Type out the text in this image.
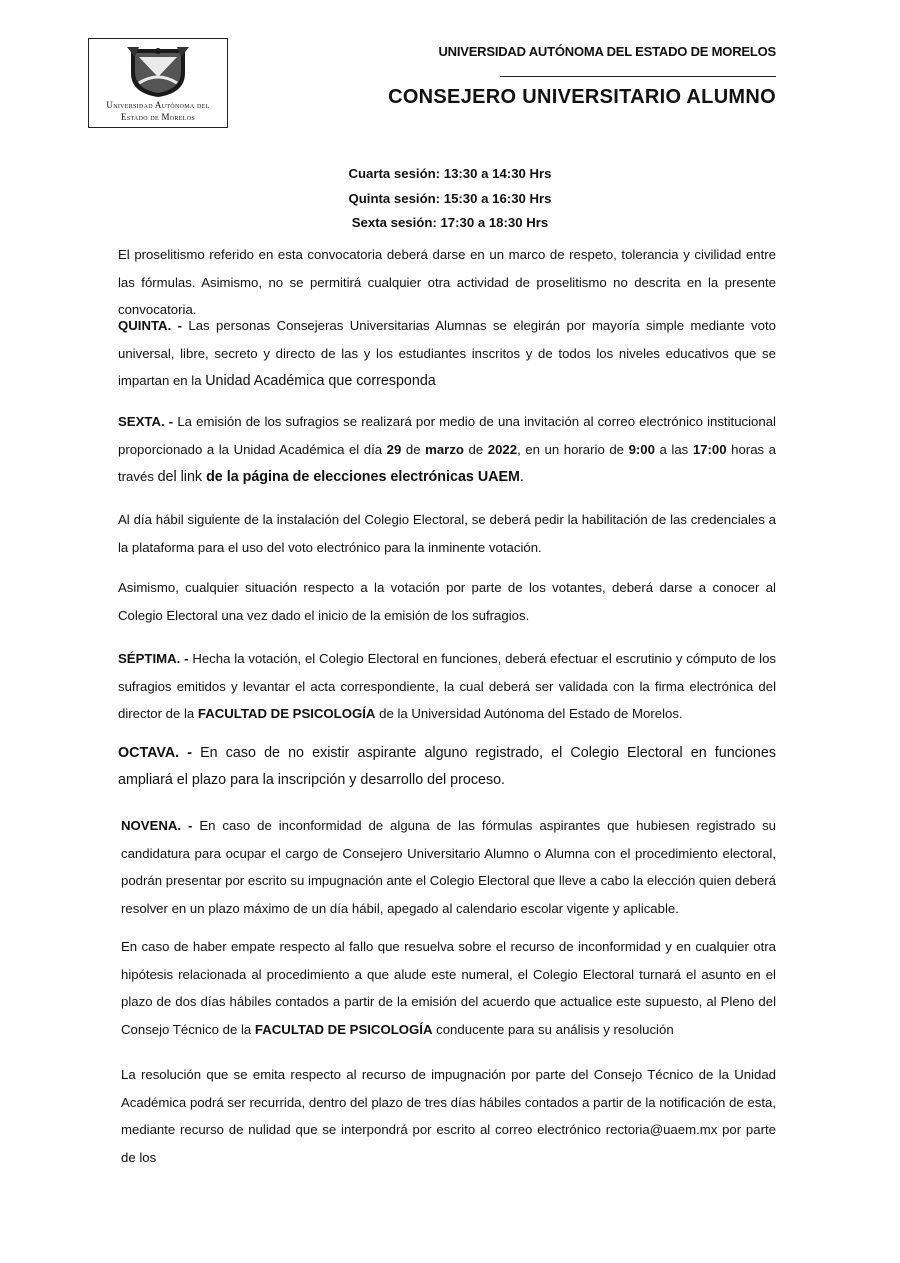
Universidad Autónoma del
Estado de Morelos
UNIVERSIDAD AUTÓNOMA DEL ESTADO DE MORELOS
CONSEJERO UNIVERSITARIO ALUMNO
Cuarta sesión: 13:30 a 14:30 Hrs
Quinta sesión: 15:30 a 16:30 Hrs
Sexta sesión: 17:30 a 18:30 Hrs
El proselitismo referido en esta convocatoria deberá darse en un marco de respeto, tolerancia y civilidad entre las fórmulas. Asimismo, no se permitirá cualquier otra actividad de proselitismo no descrita en la presente convocatoria.
QUINTA. - Las personas Consejeras Universitarias Alumnas se elegirán por mayoría simple mediante voto universal, libre, secreto y directo de las y los estudiantes inscritos y de todos los niveles educativos que se impartan en la Unidad Académica que corresponda
SEXTA. - La emisión de los sufragios se realizará por medio de una invitación al correo electrónico institucional proporcionado a la Unidad Académica el día 29 de marzo de 2022, en un horario de 9:00 a las 17:00 horas a través del link de la página de elecciones electrónicas UAEM.
Al día hábil siguiente de la instalación del Colegio Electoral, se deberá pedir la habilitación de las credenciales a la plataforma para el uso del voto electrónico para la inminente votación.
Asimismo, cualquier situación respecto a la votación por parte de los votantes, deberá darse a conocer al Colegio Electoral una vez dado el inicio de la emisión de los sufragios.
SÉPTIMA. - Hecha la votación, el Colegio Electoral en funciones, deberá efectuar el escrutinio y cómputo de los sufragios emitidos y levantar el acta correspondiente, la cual deberá ser validada con la firma electrónica del director de la FACULTAD DE PSICOLOGÍA de la Universidad Autónoma del Estado de Morelos.
OCTAVA. - En caso de no existir aspirante alguno registrado, el Colegio Electoral en funciones ampliará el plazo para la inscripción y desarrollo del proceso.
NOVENA. - En caso de inconformidad de alguna de las fórmulas aspirantes que hubiesen registrado su candidatura para ocupar el cargo de Consejero Universitario Alumno o Alumna con el procedimiento electoral, podrán presentar por escrito su impugnación ante el Colegio Electoral que lleve a cabo la elección quien deberá resolver en un plazo máximo de un día hábil, apegado al calendario escolar vigente y aplicable.
En caso de haber empate respecto al fallo que resuelva sobre el recurso de inconformidad y en cualquier otra hipótesis relacionada al procedimiento a que alude este numeral, el Colegio Electoral turnará el asunto en el plazo de dos días hábiles contados a partir de la emisión del acuerdo que actualice este supuesto, al Pleno del Consejo Técnico de la FACULTAD DE PSICOLOGÍA conducente para su análisis y resolución
La resolución que se emita respecto al recurso de impugnación por parte del Consejo Técnico de la Unidad Académica podrá ser recurrida, dentro del plazo de tres días hábiles contados a partir de la notificación de esta, mediante recurso de nulidad que se interpondrá por escrito al correo electrónico rectoria@uaem.mx por parte de los
